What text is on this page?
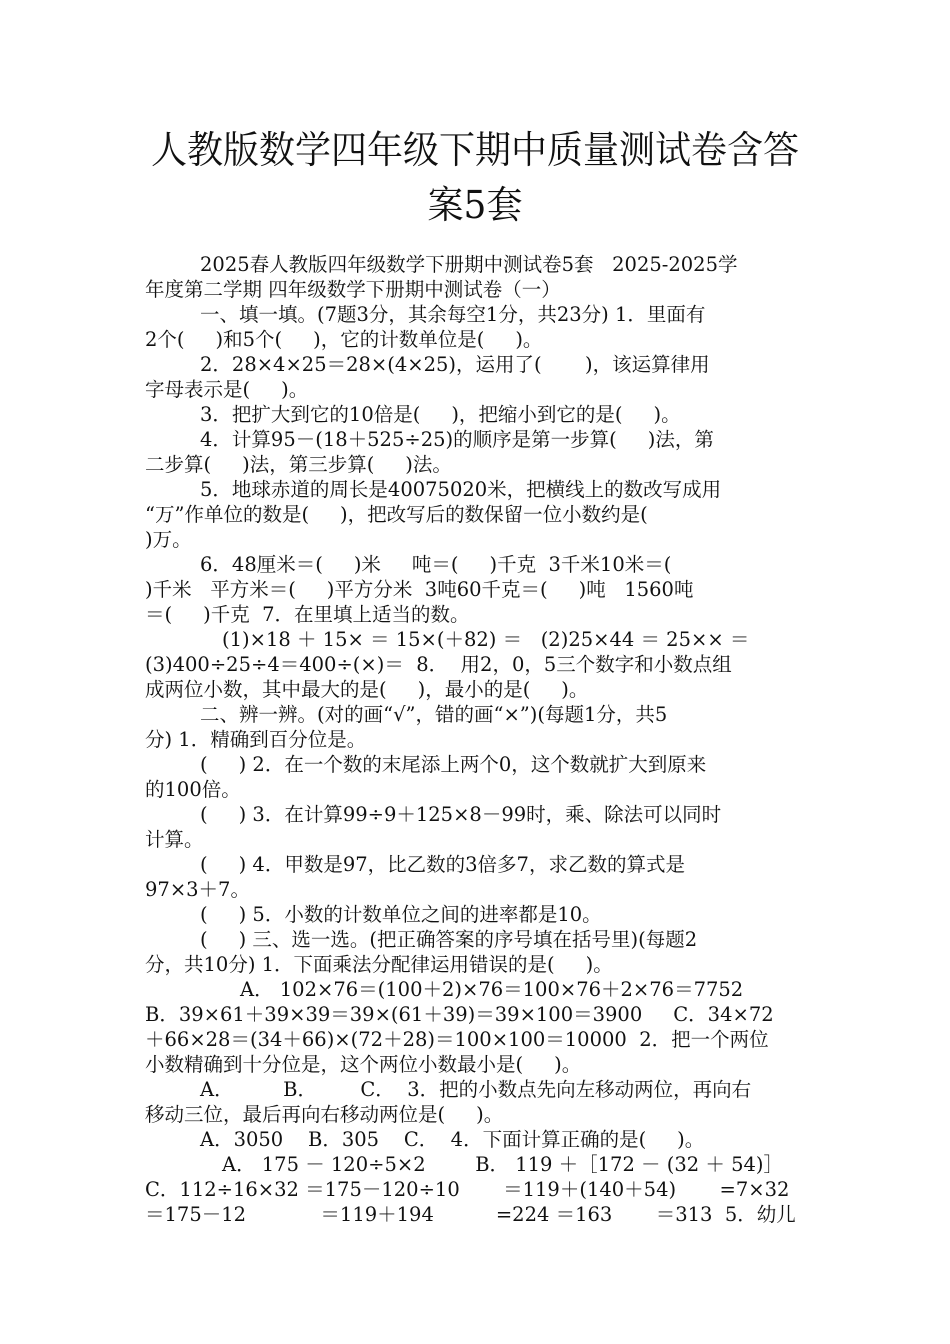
人教版数学四年级下期中质量测试卷含答
案5套
2025春人教版四年级数学下册期中测试卷5套   2025-2025学
年度第二学期 四年级数学下册期中测试卷（一）
一、填一填。(7题3分，其余每空1分，共23分) 1．里面有
2个(     )和5个(     )，它的计数单位是(     )。
2．28×4×25＝28×(4×25)，运用了(       )，该运算律用
字母表示是(     )。
3．把扩大到它的10倍是(     )，把缩小到它的是(     )。
4．计算95－(18＋525÷25)的顺序是第一步算(     )法，第
二步算(     )法，第三步算(     )法。
5．地球赤道的周长是40075020米，把横线上的数改写成用
“万”作单位的数是(     )，把改写后的数保留一位小数约是(
)万。
6．48厘米＝(     )米     吨＝(     )千克  3千米10米＝(
)千米   平方米＝(     )平方分米  3吨60千克＝(     )吨   1560吨
＝(     )千克  7．在里填上适当的数。
(1)×18 ＋ 15× ＝ 15×(＋82) ＝   (2)25×44 ＝ 25×× ＝
(3)400÷25÷4＝400÷(×)＝  8．  用2，0，5三个数字和小数点组
成两位小数，其中最大的是(     )，最小的是(     )。
二、辨一辨。(对的画“√”，错的画“×”)(每题1分，共5
分) 1．精确到百分位是。
(     ) 2．在一个数的末尾添上两个0，这个数就扩大到原来
的100倍。
(     ) 3．在计算99÷9＋125×8－99时，乘、除法可以同时
计算。
(     ) 4．甲数是97，比乙数的3倍多7，求乙数的算式是
97×3＋7。
(     ) 5．小数的计数单位之间的进率都是10。
(     ) 三、选一选。(把正确答案的序号填在括号里)(每题2
分，共10分) 1．下面乘法分配律运用错误的是(     )。
A． 102×76＝(100＋2)×76＝100×76＋2×76＝7752
B．39×61＋39×39＝39×(61＋39)＝39×100＝3900     C．34×72
＋66×28＝(34＋66)×(72＋28)＝100×100＝10000  2．把一个两位
小数精确到十分位是，这个两位小数最小是(     )。
A．        B．       C．  3．把的小数点先向左移动两位，再向右
移动三位，最后再向右移动两位是(     )。
A．3050    B．305    C．  4．下面计算正确的是(     )。
A． 175 － 120÷5×2        B． 119 ＋［172 － (32 ＋ 54)］
C．112÷16×32 ＝175－120÷10       ＝119＋(140＋54)       =7×32
＝175－12            ＝119＋194          =224 ＝163       ＝313  5．幼儿
